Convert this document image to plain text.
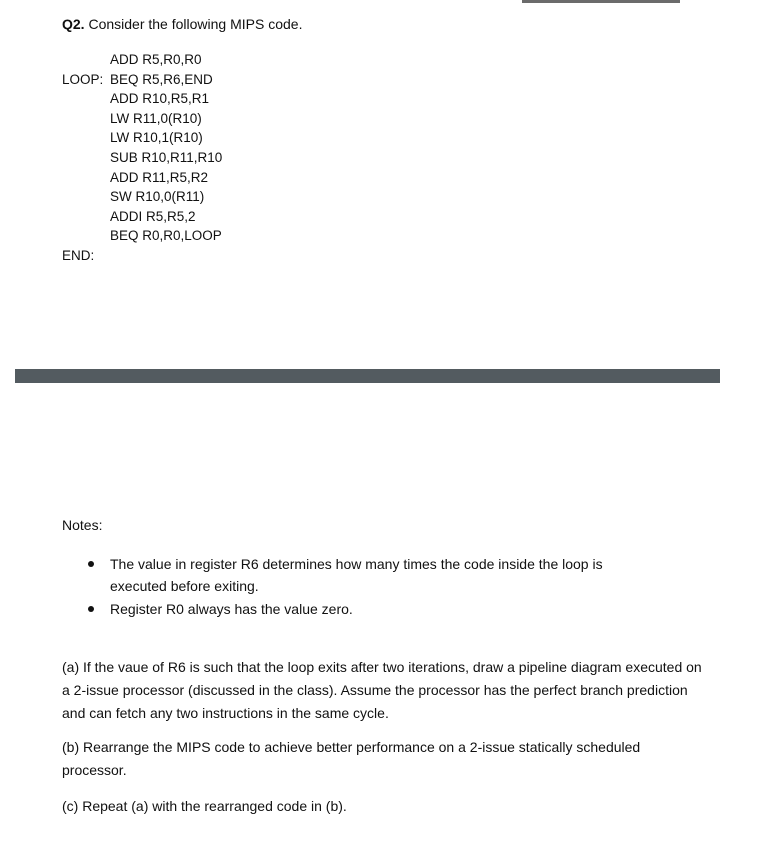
Q2. Consider the following MIPS code.
ADD R5,R0,R0
LOOP: BEQ R5,R6,END
ADD R10,R5,R1
LW R11,0(R10)
LW R10,1(R10)
SUB R10,R11,R10
ADD R11,R5,R2
SW R10,0(R11)
ADDI R5,R5,2
BEQ R0,R0,LOOP
END:
Notes:
The value in register R6 determines how many times the code inside the loop is executed before exiting.
Register R0 always has the value zero.

(a) If the vaue of R6 is such that the loop exits after two iterations, draw a pipeline diagram executed on a 2-issue processor (discussed in the class). Assume the processor has the perfect branch prediction and can fetch any two instructions in the same cycle.

(b) Rearrange the MIPS code to achieve better performance on a 2-issue statically scheduled processor.

(c) Repeat (a) with the rearranged code in (b).
